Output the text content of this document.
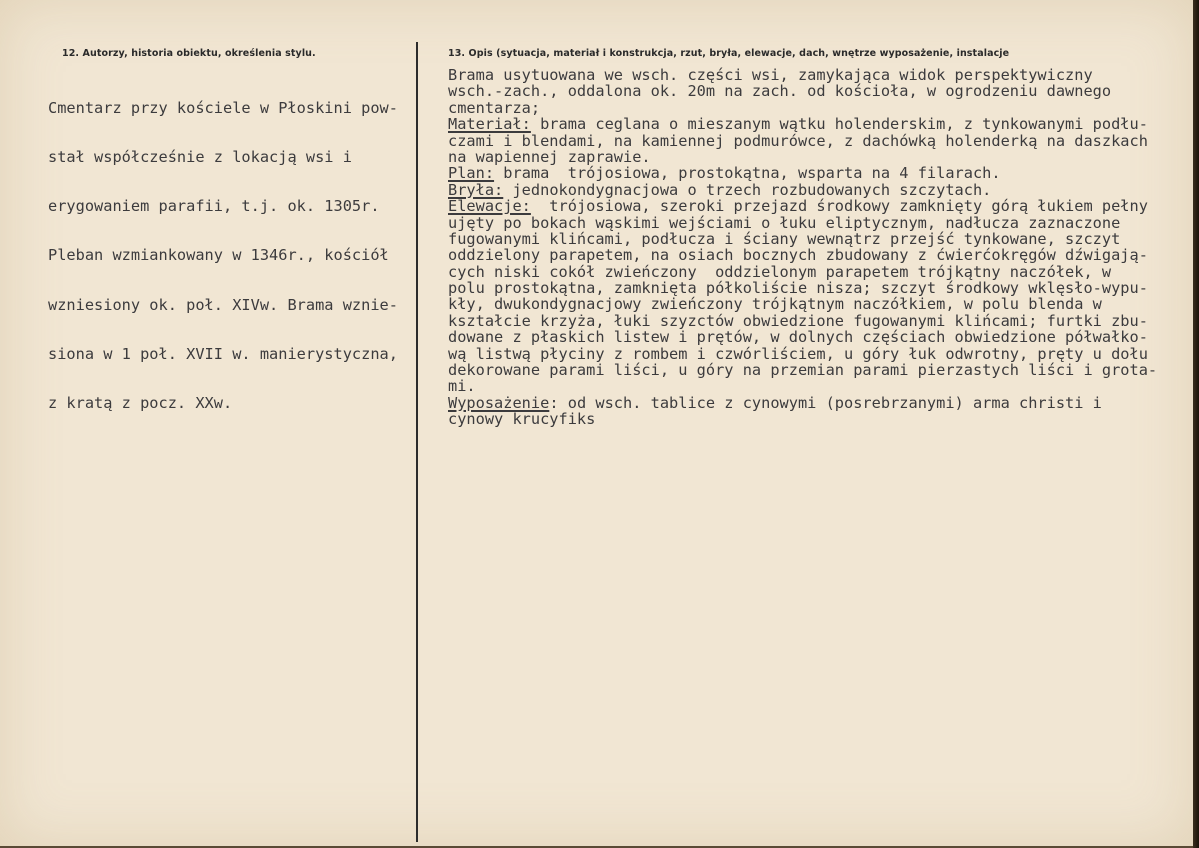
12. Autorzy, historia obiektu, określenia stylu.	13. Opis (sytuacja, materiał i konstrukcja, rzut, bryła, elewacje, dach, wnętrze wyposażenie, instalacje

Cmentarz przy kościele w Płoskini pow-

stał współcześnie z lokacją wsi i

erygowaniem parafii, t.j. ok. 1305r.

Pleban wzmiankowany w 1346r., kościół

wzniesiony ok. poł. XIVw. Brama wznie-

siona w 1 poł. XVII w. manierystyczna,

z kratą z pocz. XXw.

Brama usytuowana we wsch. części wsi, zamykająca widok perspektywiczny
wsch.-zach., oddalona ok. 20m na zach. od kościoła, w ogrodzeniu dawnego
cmentarza;
Materiał: brama ceglana o mieszanym wątku holenderskim, z tynkowanymi podłu-
czami i blendami, na kamiennej podmurówce, z dachówką holenderką na daszkach
na wapiennej zaprawie.
Plan: brama  trójosiowa, prostokątna, wsparta na 4 filarach.
Bryła: jednokondygnacjowa o trzech rozbudowanych szczytach.
Elewacje:  trójosiowa, szeroki przejazd środkowy zamknięty górą łukiem pełny
ujęty po bokach wąskimi wejściami o łuku eliptycznym, nadłucza zaznaczone
fugowanymi klińcami, podłucza i ściany wewnątrz przejść tynkowane, szczyt
oddzielony parapetem, na osiach bocznych zbudowany z ćwierćokręgów dźwigają-
cych niski cokół zwieńczony  oddzielonym parapetem trójkątny naczółek, w
polu prostokątna, zamknięta półkoliście nisza; szczyt środkowy wklęsło-wypu-
kły, dwukondygnacjowy zwieńczony trójkątnym naczółkiem, w polu blenda w
kształcie krzyża, łuki szyzctów obwiedzione fugowanymi klińcami; furtki zbu-
dowane z płaskich listew i prętów, w dolnych częściach obwiedzione półwałko-
wą listwą płyciny z rombem i czwórliściem, u góry łuk odwrotny, pręty u dołu
dekorowane parami liści, u góry na przemian parami pierzastych liści i grota-
mi.
Wyposażenie: od wsch. tablice z cynowymi (posrebrzanymi) arma christi i
cynowy krucyfiks
